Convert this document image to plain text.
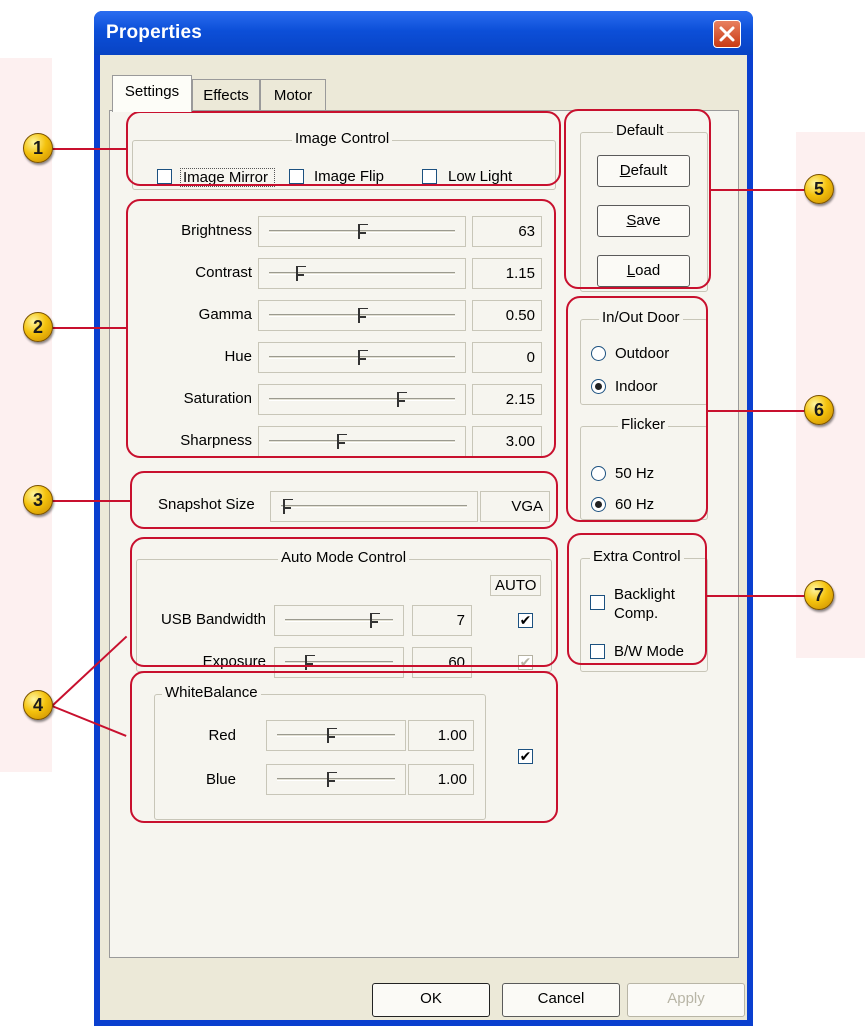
Properties
Settings	Effects	Motor
Image Control
Image Mirror	Image Flip	Low Light
Brightness	63
Contrast	1.15
Gamma	0.50
Hue	0
Saturation	2.15
Sharpness	3.00
Snapshot Size	VGA
Auto Mode Control
AUTO
USB Bandwidth	7	✔
Exposure	60	✔
WhiteBalance
Red	1.00
Blue	1.00
✔
Default
Default
Save
Load
In/Out Door
Outdoor
Indoor
Flicker
50 Hz
60 Hz
Extra Control
Backlight
Comp.
B/W Mode
OK	Cancel	Apply
1
2
3
4
5
6
7
